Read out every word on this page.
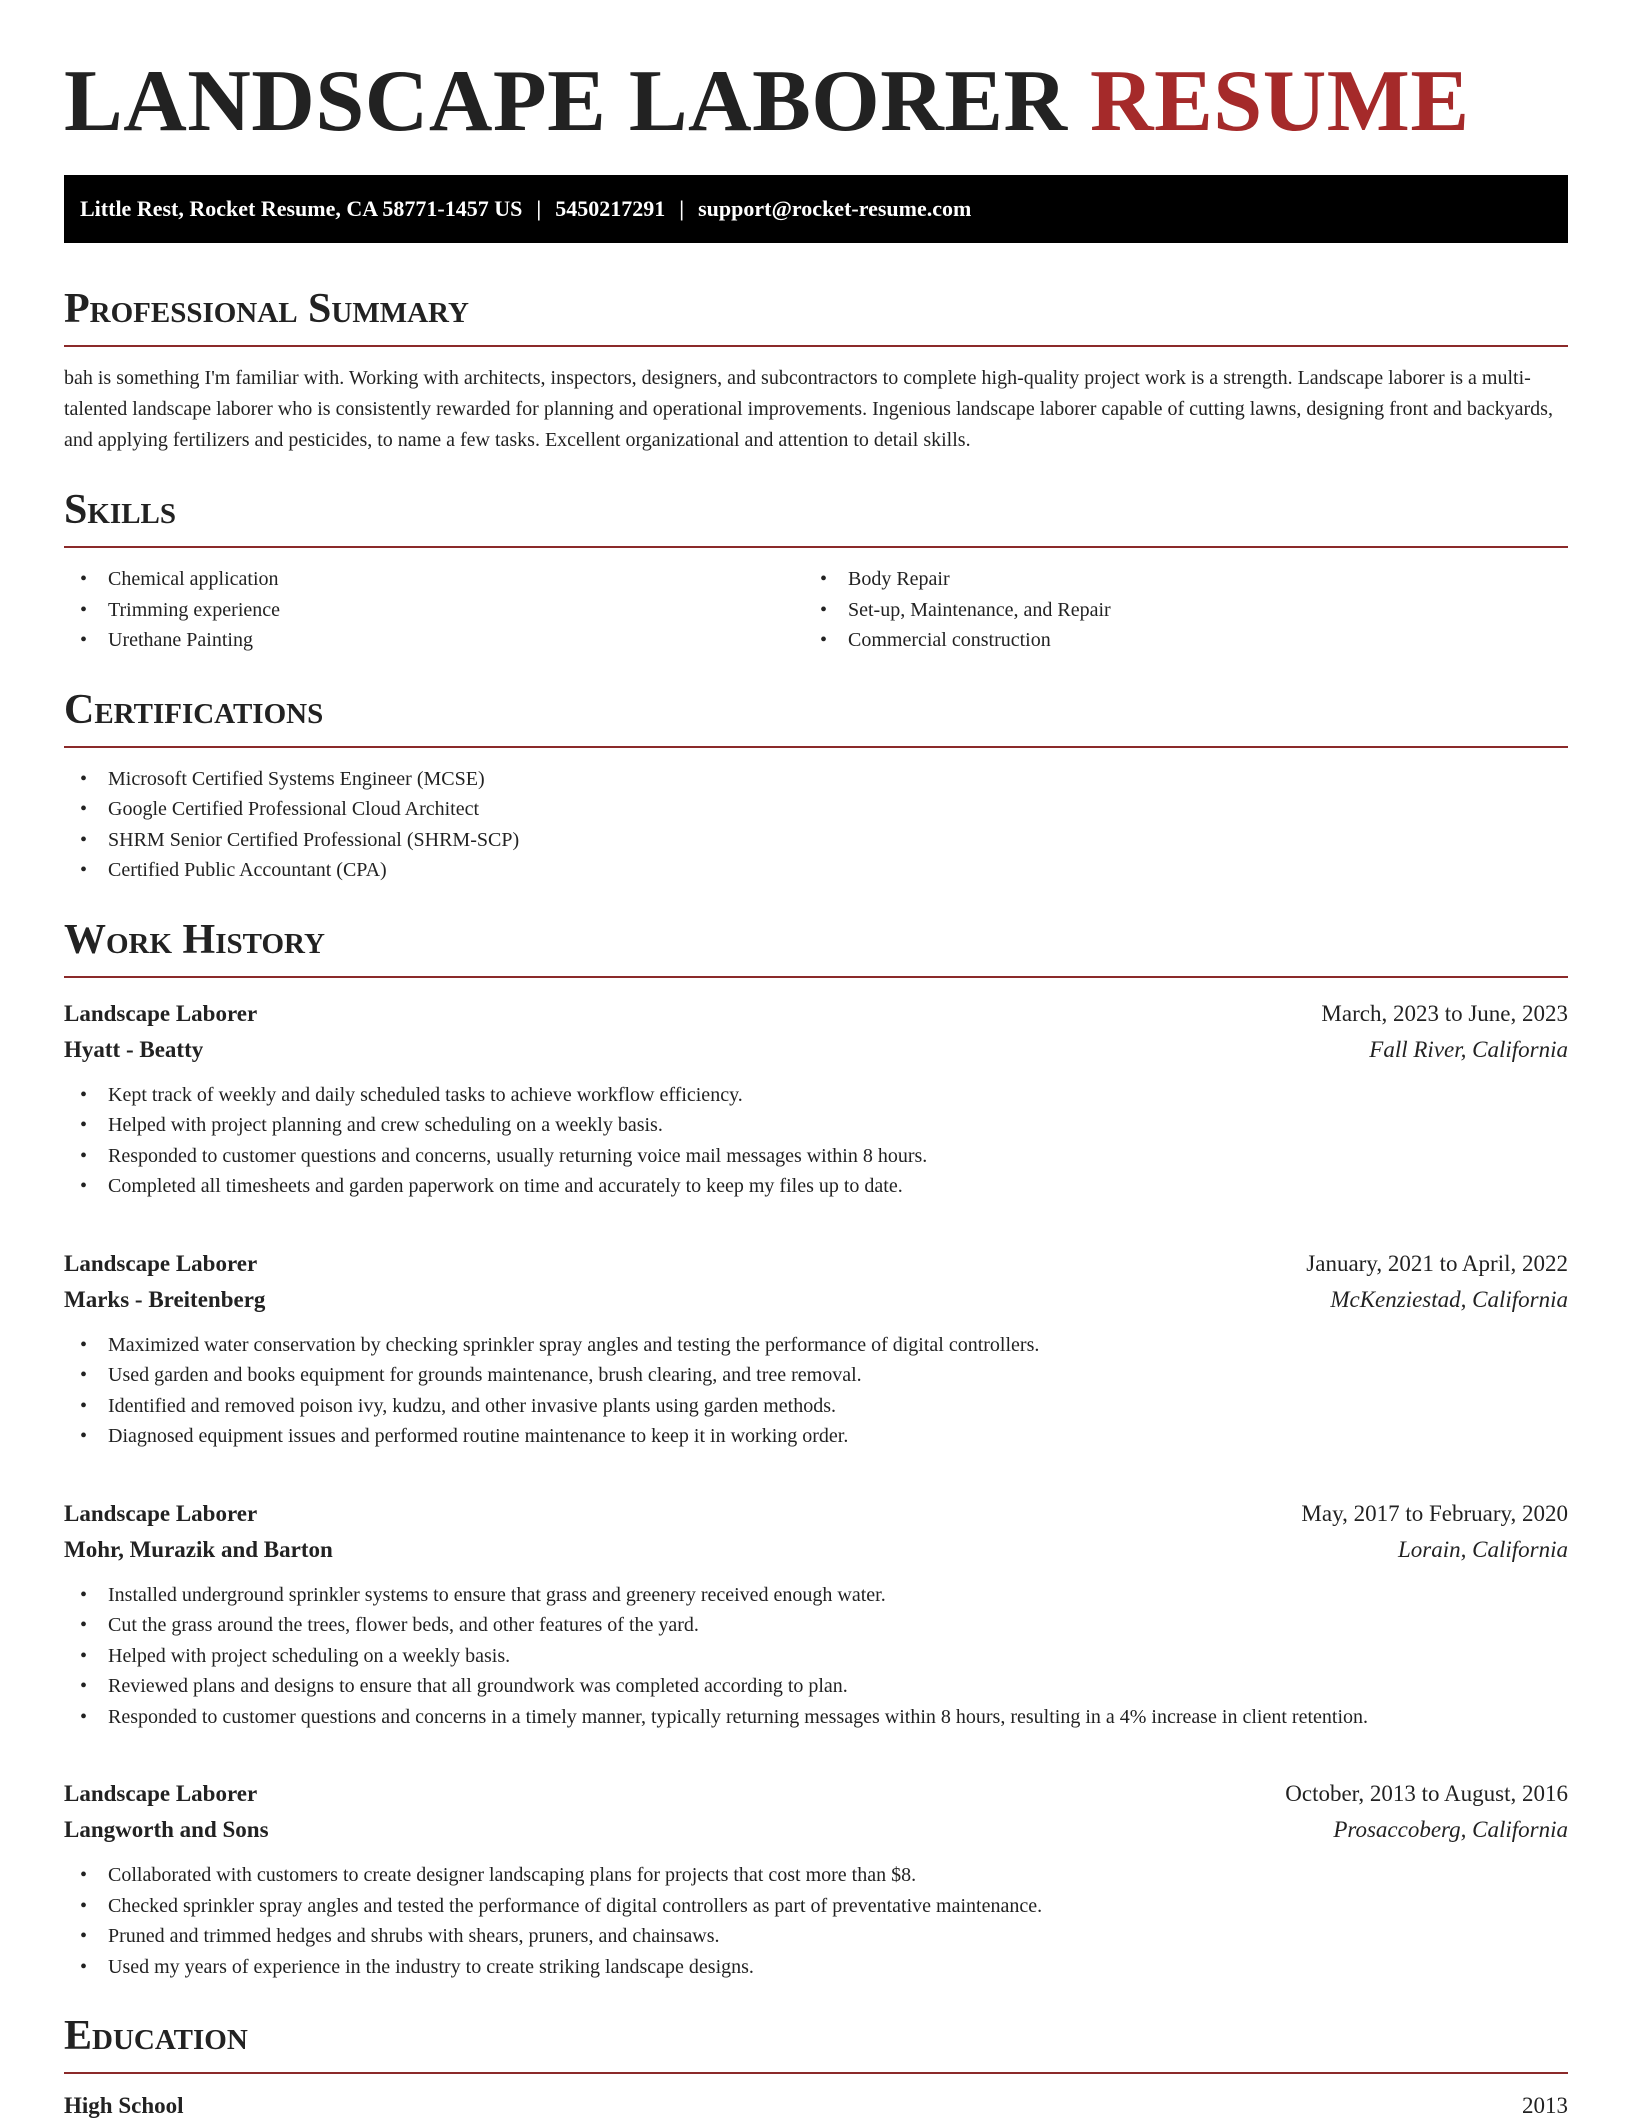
LANDSCAPE LABORER RESUME
Little Rest, Rocket Resume, CA 58771-1457 US | 5450217291 | support@rocket-resume.com
Professional Summary

bah is something I'm familiar with. Working with architects, inspectors, designers, and subcontractors to complete high-quality project work is a strength. Landscape laborer is a multi-talented landscape laborer who is consistently rewarded for planning and operational improvements. Ingenious landscape laborer capable of cutting lawns, designing front and backyards, and applying fertilizers and pesticides, to name a few tasks. Excellent organizational and attention to detail skills.

Skills
• Chemical application
• Trimming experience
• Urethane Painting
• Body Repair
• Set-up, Maintenance, and Repair
• Commercial construction
Certifications
• Microsoft Certified Systems Engineer (MCSE)
• Google Certified Professional Cloud Architect
• SHRM Senior Certified Professional (SHRM-SCP)
• Certified Public Accountant (CPA)
Work History
Landscape Laborer	March, 2023 to June, 2023
Hyatt - Beatty	Fall River, California
• Kept track of weekly and daily scheduled tasks to achieve workflow efficiency.
• Helped with project planning and crew scheduling on a weekly basis.
• Responded to customer questions and concerns, usually returning voice mail messages within 8 hours.
• Completed all timesheets and garden paperwork on time and accurately to keep my files up to date.
Landscape Laborer	January, 2021 to April, 2022
Marks - Breitenberg	McKenziestad, California
• Maximized water conservation by checking sprinkler spray angles and testing the performance of digital controllers.
• Used garden and books equipment for grounds maintenance, brush clearing, and tree removal.
• Identified and removed poison ivy, kudzu, and other invasive plants using garden methods.
• Diagnosed equipment issues and performed routine maintenance to keep it in working order.
Landscape Laborer	May, 2017 to February, 2020
Mohr, Murazik and Barton	Lorain, California
• Installed underground sprinkler systems to ensure that grass and greenery received enough water.
• Cut the grass around the trees, flower beds, and other features of the yard.
• Helped with project scheduling on a weekly basis.
• Reviewed plans and designs to ensure that all groundwork was completed according to plan.
• Responded to customer questions and concerns in a timely manner, typically returning messages within 8 hours, resulting in a 4% increase in client retention.
Landscape Laborer	October, 2013 to August, 2016
Langworth and Sons	Prosaccoberg, California
• Collaborated with customers to create designer landscaping plans for projects that cost more than $8.
• Checked sprinkler spray angles and tested the performance of digital controllers as part of preventative maintenance.
• Pruned and trimmed hedges and shrubs with shears, pruners, and chainsaws.
• Used my years of experience in the industry to create striking landscape designs.
Education
High School	2013
